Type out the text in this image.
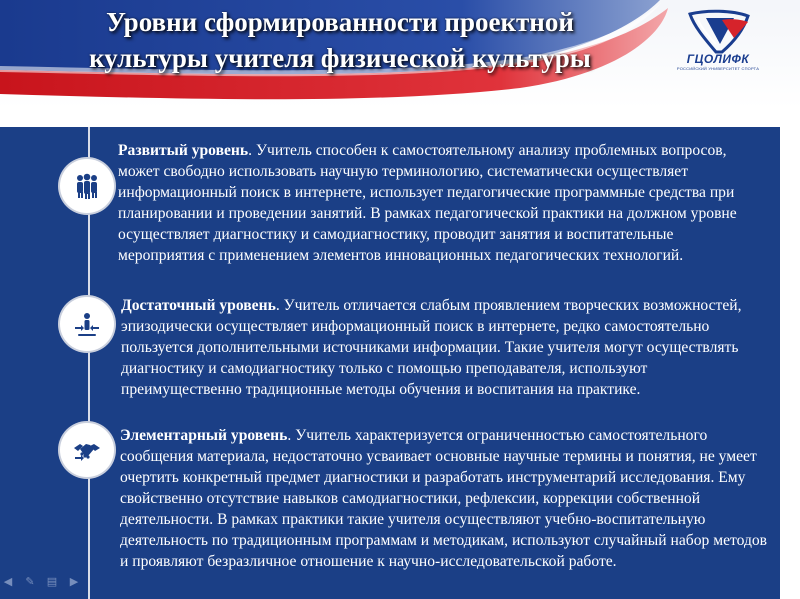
Уровни сформированности проектной
культуры учителя физической культуры	ГЦОЛИФК
РОССИЙСКИЙ УНИВЕРСИТЕТ СПОРТА
Развитый уровень. Учитель способен к самостоятельному анализу проблемных вопросов, может свободно использовать научную терминологию, систематически осуществляет информационный поиск в интернете, использует педагогические программные средства при планировании и проведении занятий. В рамках педагогической практики на должном уровне осуществляет диагностику и самодиагностику, проводит занятия и воспитательные мероприятия с применением элементов инновационных педагогических технологий.
Достаточный уровень. Учитель отличается слабым проявлением творческих возможностей, эпизодически осуществляет информационный поиск в интернете, редко самостоятельно пользуется дополнительными источниками информации. Такие учителя могут осуществлять диагностику и самодиагностику только с помощью преподавателя, используют преимущественно традиционные методы обучения и воспитания на практике.
Элементарный уровень. Учитель характеризуется ограниченностью самостоятельного сообщения материала, недостаточно усваивает основные научные термины и понятия, не умеет очертить конкретный предмет диагностики и разработать инструментарий исследования. Ему свойственно отсутствие навыков самодиагностики, рефлексии, коррекции собственной деятельности. В рамках практики такие учителя осуществляют учебно-воспитательную деятельность по традиционным программам и методикам, используют случайный набор методов и проявляют безразличное отношение к научно-исследовательской работе.
◀ ✎ ▤ ▶
